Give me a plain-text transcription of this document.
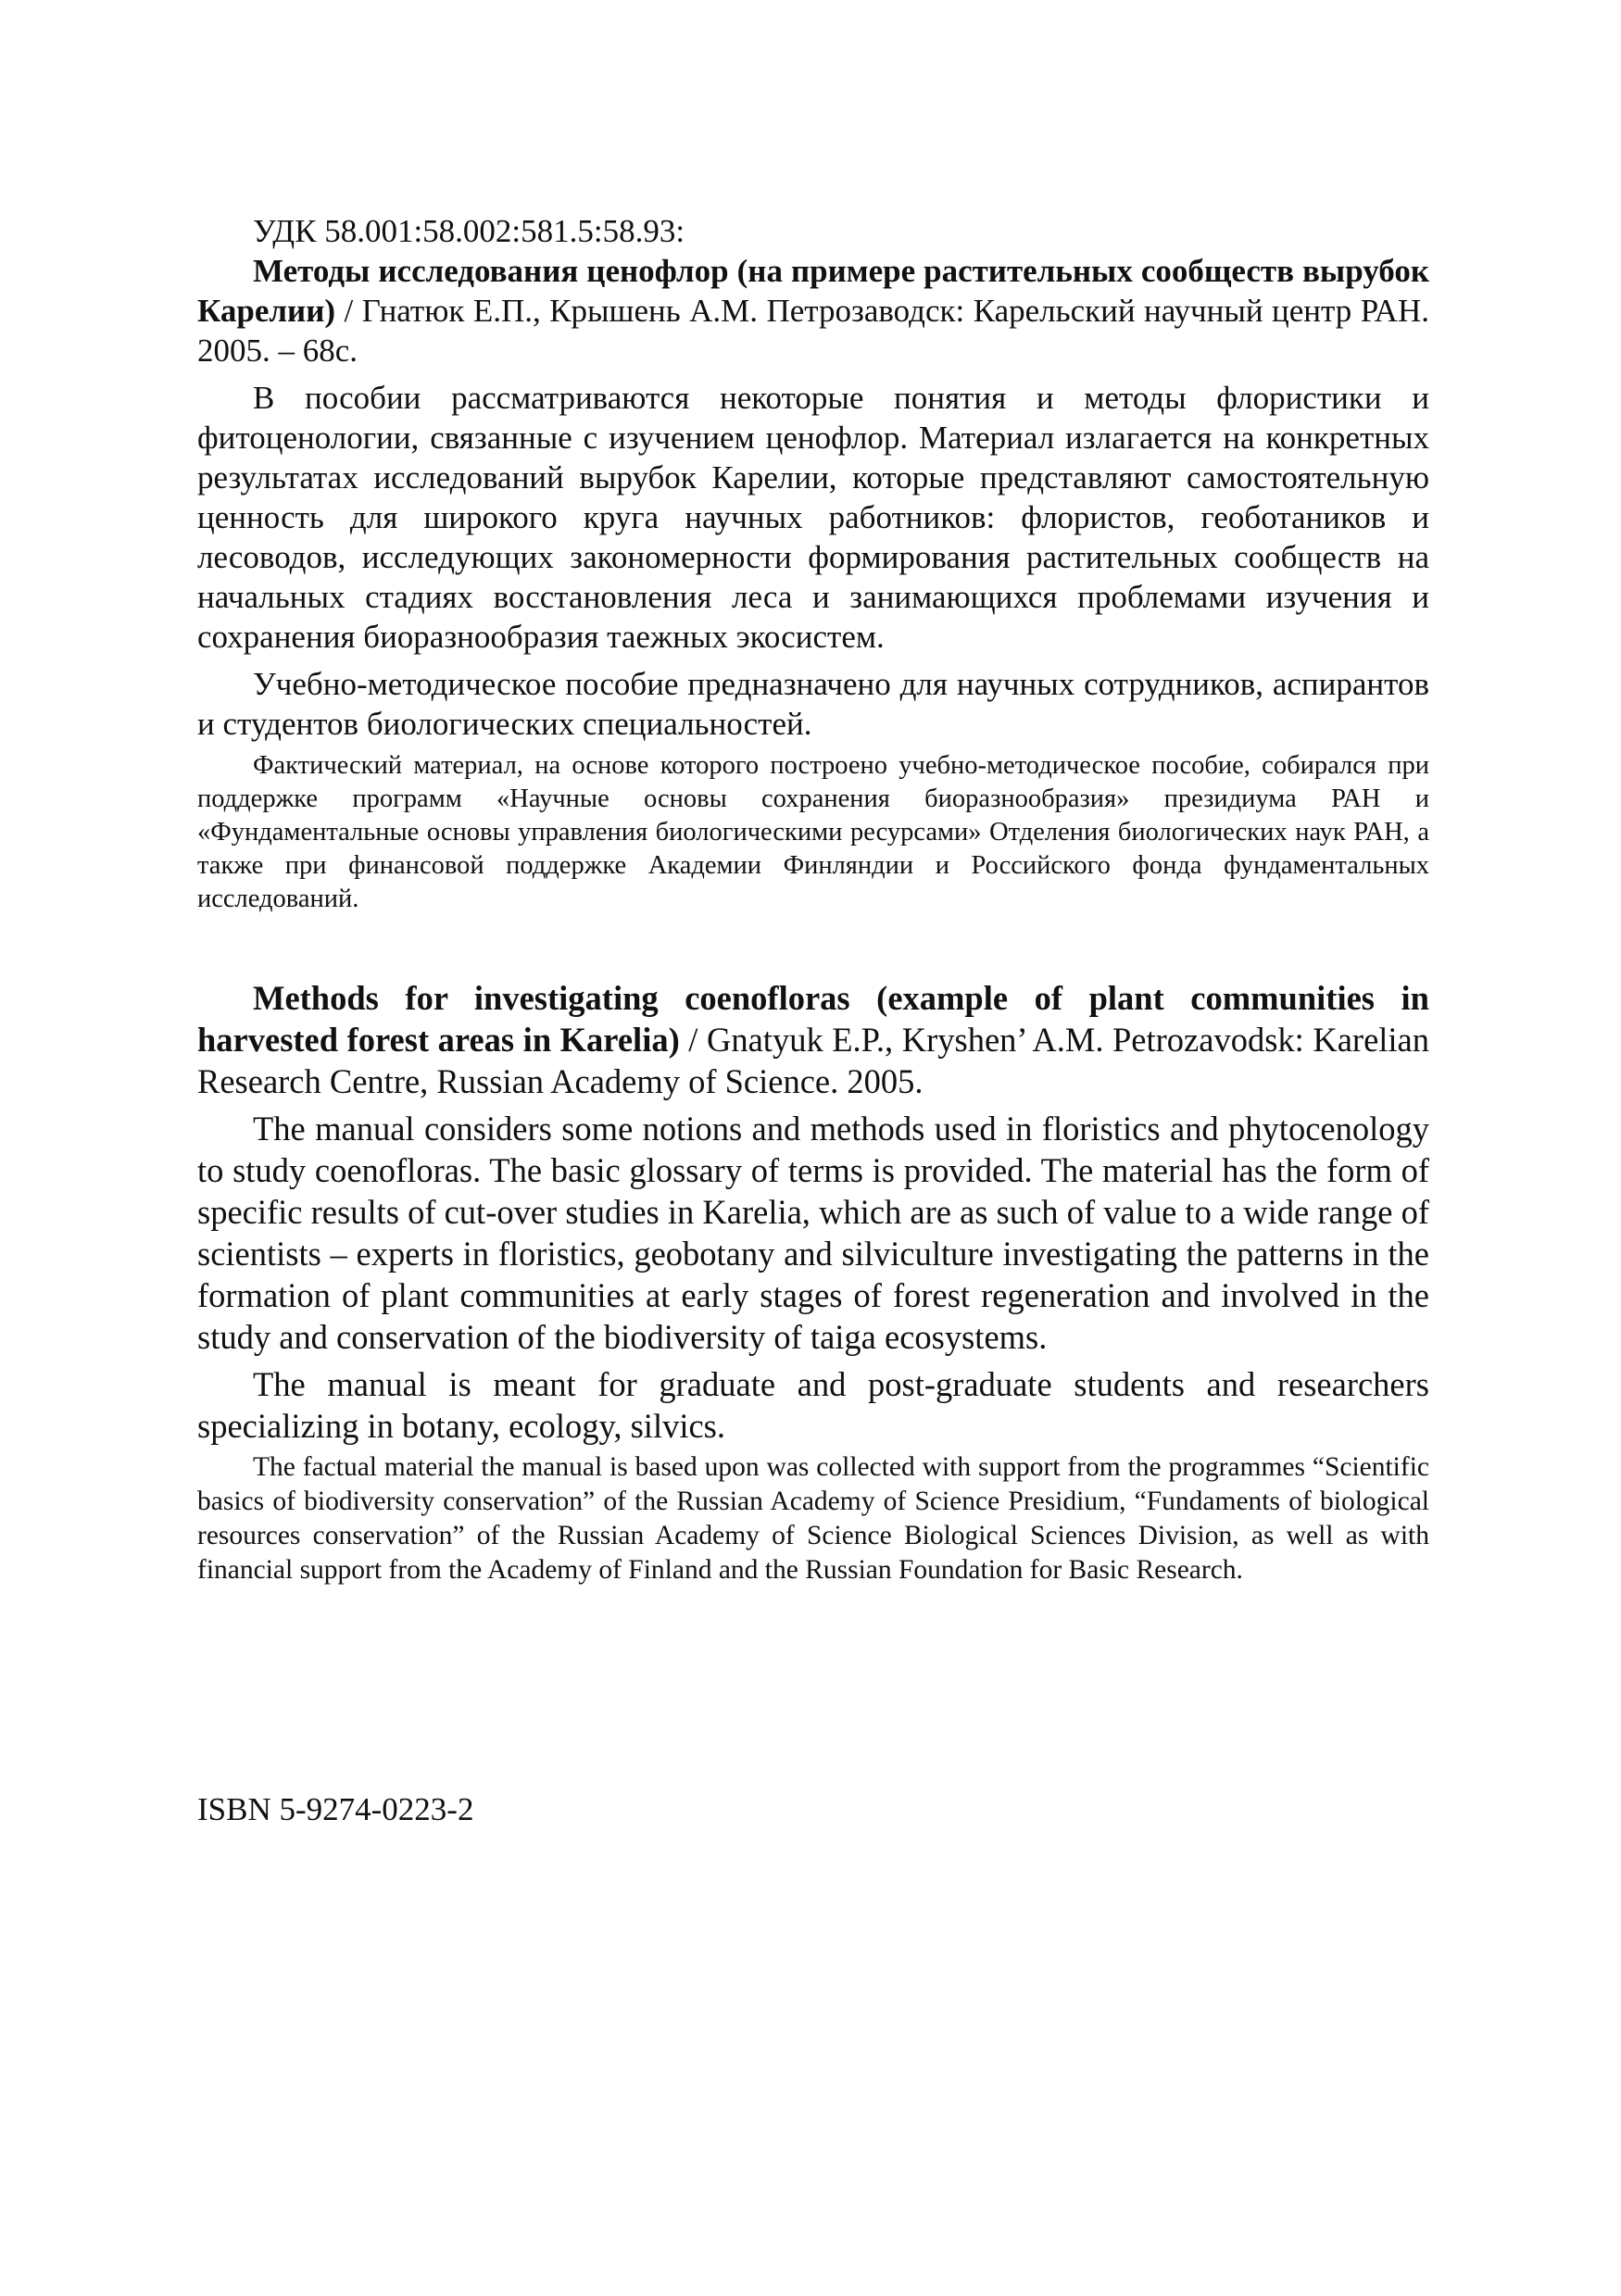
УДК 58.001:58.002:581.5:58.93:

Методы исследования ценофлор (на примере растительных сообществ вырубок Карелии) / Гнатюк Е.П., Крышень А.М. Петрозаводск: Карельский научный центр РАН. 2005. – 68с.

В пособии рассматриваются некоторые понятия и методы флористики и фитоценологии, связанные с изучением ценофлор. Материал излагается на конкретных результатах исследований вырубок Карелии, которые представляют самостоятельную ценность для широкого круга научных работников: флористов, геоботаников и лесоводов, исследующих закономерности формирования растительных сообществ на начальных стадиях восстановления леса и занимающихся проблемами изучения и сохранения биоразнообразия таежных экосистем.

Учебно-методическое пособие предназначено для научных сотрудников, аспирантов и студентов биологических специальностей.

Фактический материал, на основе которого построено учебно-методическое пособие, собирался при поддержке программ «Научные основы сохранения биоразнообразия» президиума РАН и «Фундаментальные основы управления биологическими ресурсами» Отделения биологических наук РАН, а также при финансовой поддержке Академии Финляндии и Российского фонда фундаментальных исследований.

Methods for investigating coenofloras (example of plant communities in harvested forest areas in Karelia) / Gnatyuk E.P., Kryshen’ A.M. Petrozavodsk: Karelian Research Centre, Russian Academy of Science. 2005.

The manual considers some notions and methods used in floristics and phytocenology to study coenofloras. The basic glossary of terms is provided. The material has the form of specific results of cut-over studies in Karelia, which are as such of value to a wide range of scientists – experts in floristics, geobotany and silviculture investigating the patterns in the formation of plant communities at early stages of forest regeneration and involved in the study and conservation of the biodiversity of taiga ecosystems.

The manual is meant for graduate and post-graduate students and researchers specializing in botany, ecology, silvics.

The factual material the manual is based upon was collected with support from the programmes “Scientific basics of biodiversity conservation” of the Russian Academy of Science Presidium, “Fundaments of biological resources conservation” of the Russian Academy of Science Biological Sciences Division, as well as with financial support from the Academy of Finland and the Russian Foundation for Basic Research.

ISBN 5-9274-0223-2
